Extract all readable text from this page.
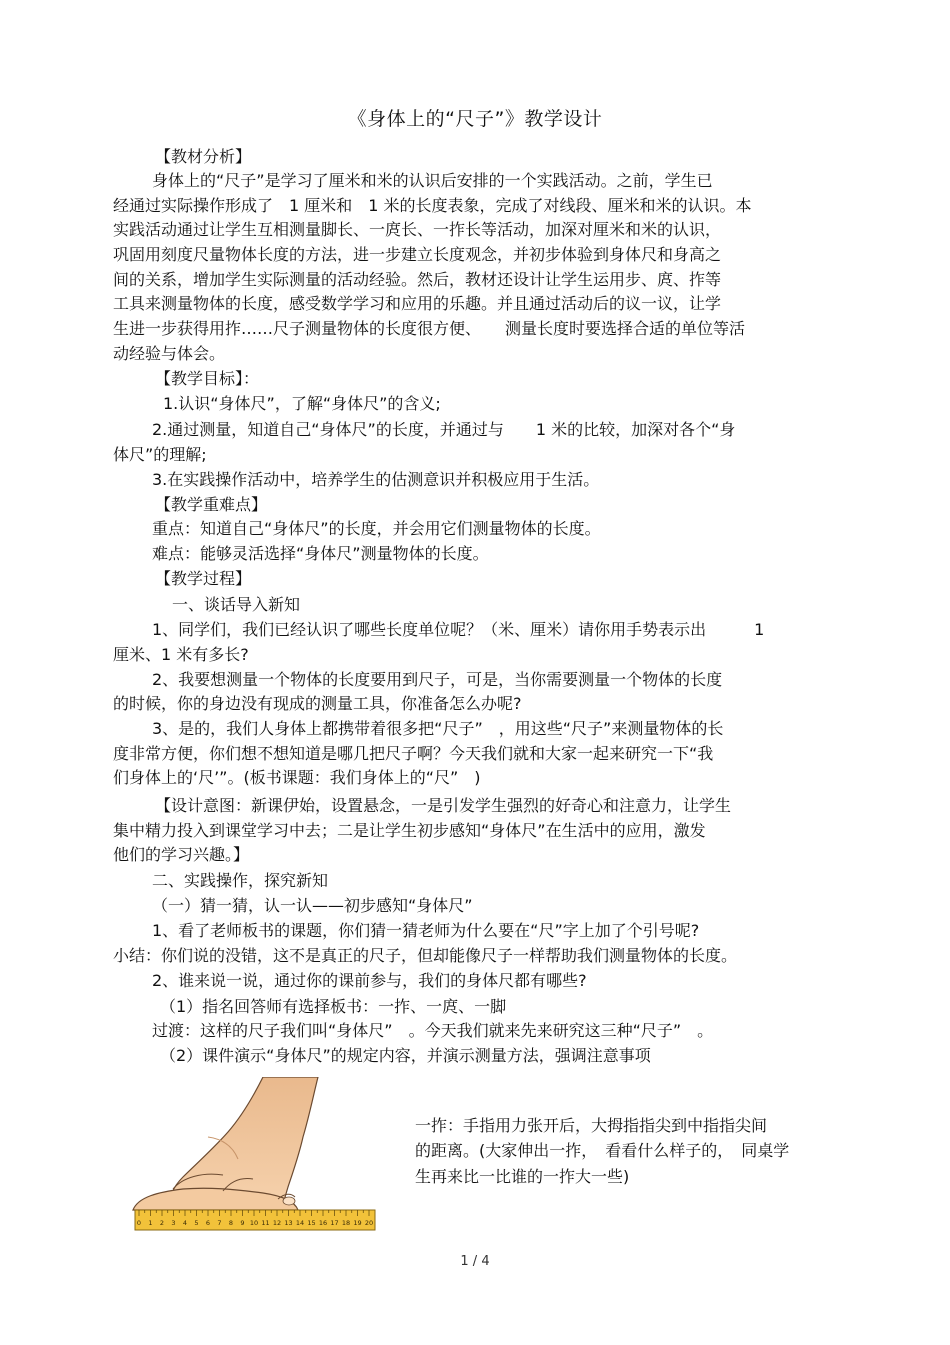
《身体上的“尺子”》教学设计
【教材分析】
身体上的“尺子”是学习了厘米和米的认识后安排的一个实践活动。之前，学生已
经通过实际操作形成了　1 厘米和　1 米的长度表象，完成了对线段、厘米和米的认识。本
实践活动通过让学生互相测量脚长、一庹长、一拃长等活动，加深对厘米和米的认识，
巩固用刻度尺量物体长度的方法，进一步建立长度观念，并初步体验到身体尺和身高之
间的关系，增加学生实际测量的活动经验。然后，教材还设计让学生运用步、庹、拃等
工具来测量物体的长度，感受数学学习和应用的乐趣。并且通过活动后的议一议，让学
生进一步获得用拃……尺子测量物体的长度很方便、　　测量长度时要选择合适的单位等活
动经验与体会。
【教学目标】：
1.认识“身体尺”，了解“身体尺”的含义;
2.通过测量，知道自己“身体尺”的长度，并通过与　　1 米的比较，加深对各个“身
体尺”的理解;
3.在实践操作活动中，培养学生的估测意识并积极应用于生活。
【教学重难点】
重点：知道自己“身体尺”的长度，并会用它们测量物体的长度。
难点：能够灵活选择“身体尺”测量物体的长度。
【教学过程】
一、谈话导入新知
1、同学们，我们已经认识了哪些长度单位呢？（米、厘米）请你用手势表示出　　　1
厘米、1 米有多长?
2、我要想测量一个物体的长度要用到尺子，可是，当你需要测量一个物体的长度
的时候，你的身边没有现成的测量工具，你准备怎么办呢?
3、是的，我们人身体上都携带着很多把“尺子”　，用这些“尺子”来测量物体的长
度非常方便，你们想不想知道是哪几把尺子啊？今天我们就和大家一起来研究一下“我
们身体上的‘尺’”。(板书课题：我们身体上的“尺”　)
【设计意图：新课伊始，设置悬念，一是引发学生强烈的好奇心和注意力，让学生
集中精力投入到课堂学习中去；二是让学生初步感知“身体尺”在生活中的应用，激发
他们的学习兴趣。】
二、实践操作，探究新知
（一）猜一猜，认一认——初步感知“身体尺”
1、看了老师板书的课题，你们猜一猜老师为什么要在“尺”字上加了个引号呢?
小结：你们说的没错，这不是真正的尺子，但却能像尺子一样帮助我们测量物体的长度。
2、谁来说一说，通过你的课前参与，我们的身体尺都有哪些?
（1）指名回答师有选择板书：一拃、一庹、一脚
过渡：这样的尺子我们叫“身体尺”　。今天我们就来先来研究这三种“尺子”　。
（2）课件演示“身体尺”的规定内容，并演示测量方法，强调注意事项
0 1 2 3 4 5 6 7 8 9 10 11 12 13 14 15 16 17 18 19 20
一拃：手指用力张开后，大拇指指尖到中指指尖间
的距离。(大家伸出一拃，　看看什么样子的，　同桌学
生再来比一比谁的一拃大一些)
1 / 4
